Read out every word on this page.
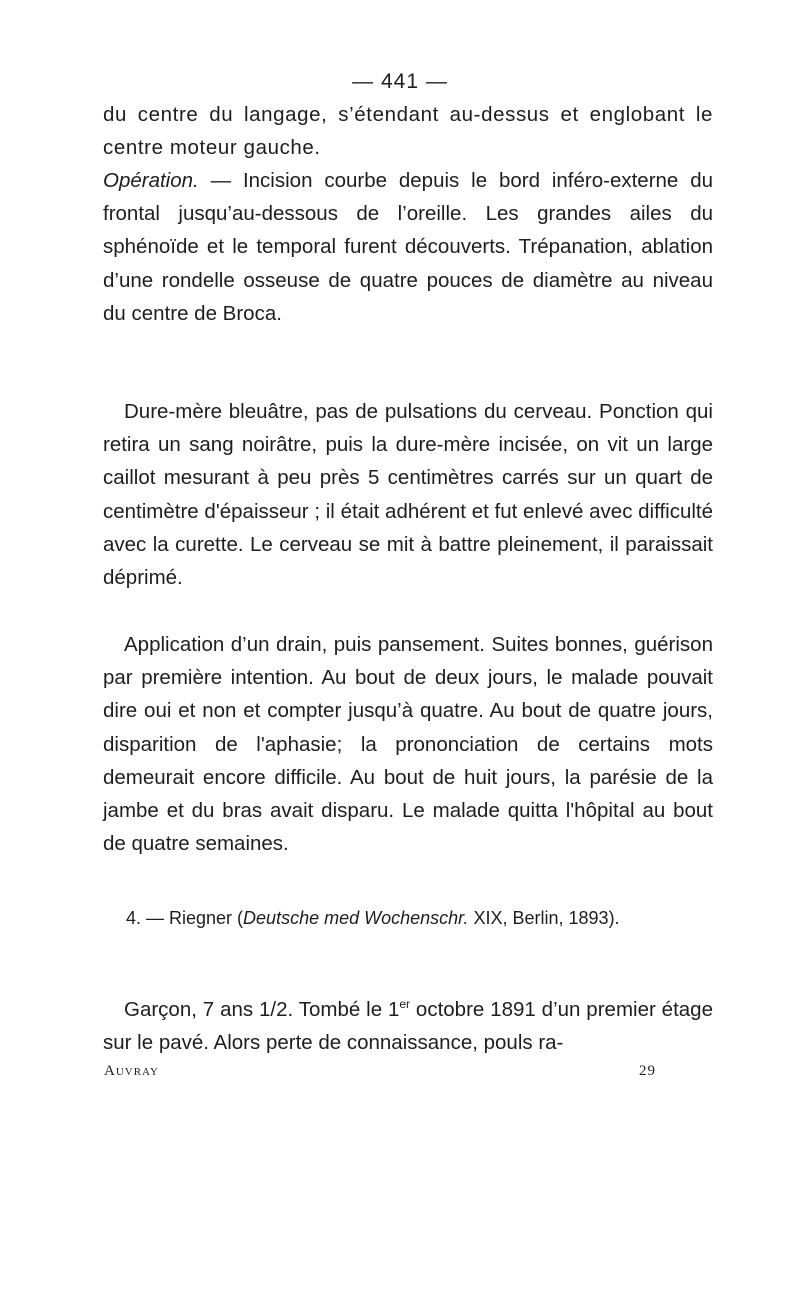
— 441 —

du centre du langage, s’étendant au-dessus et englobant le centre moteur gauche.

Opération. — Incision courbe depuis le bord inféro-externe du frontal jusqu’au-dessous de l’oreille. Les grandes ailes du sphénoïde et le temporal furent découverts. Trépanation, ablation d’une rondelle osseuse de quatre pouces de diamètre au niveau du centre de Broca.

Dure-mère bleuâtre, pas de pulsations du cerveau. Ponction qui retira un sang noirâtre, puis la dure-mère incisée, on vit un large caillot mesurant à peu près 5 centimètres carrés sur un quart de centimètre d'épaisseur ; il était adhérent et fut enlevé avec difficulté avec la curette. Le cerveau se mit à battre pleinement, il paraissait déprimé.

Application d’un drain, puis pansement. Suites bonnes, guérison par première intention. Au bout de deux jours, le malade pouvait dire oui et non et compter jusqu’à quatre. Au bout de quatre jours, disparition de l'aphasie; la prononciation de certains mots demeurait encore difficile. Au bout de huit jours, la parésie de la jambe et du bras avait disparu. Le malade quitta l'hôpital au bout de quatre semaines.

4. — Riegner (Deutsche med Wochenschr. XIX, Berlin, 1893).

Garçon, 7 ans 1/2. Tombé le 1er octobre 1891 d’un premier étage sur le pavé. Alors perte de connaissance, pouls ra-

Auvray	29
